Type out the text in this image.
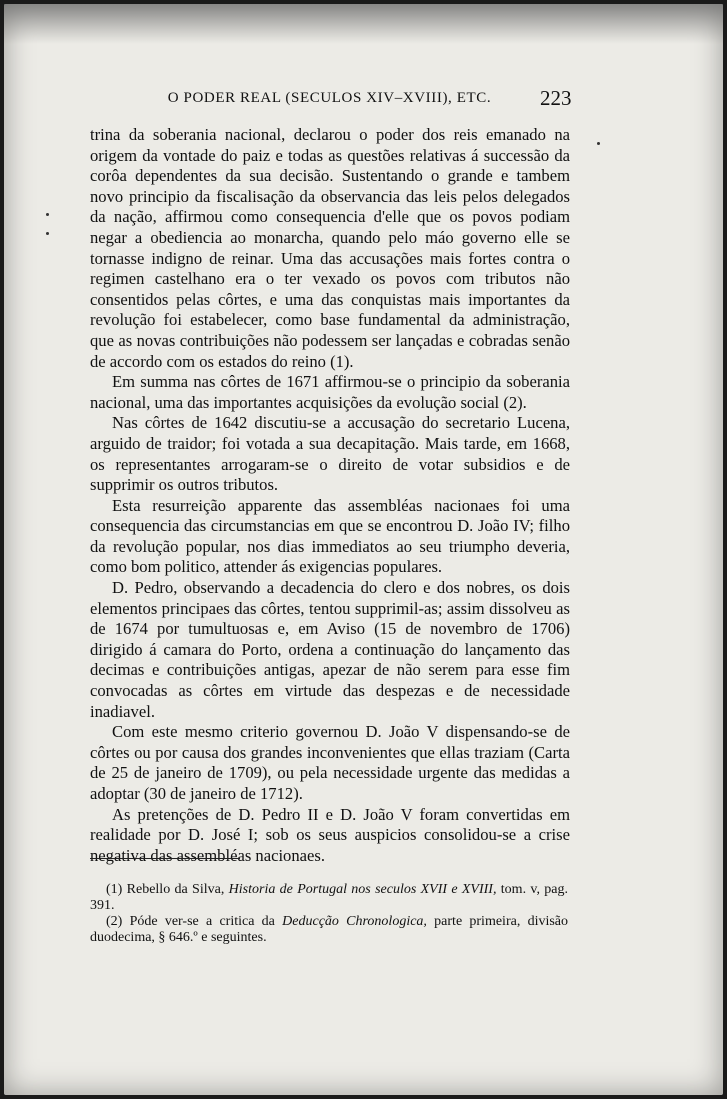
O PODER REAL (SECULOS XIV–XVIII), ETC.	223

trina da soberania nacional, declarou o poder dos reis emanado na origem da vontade do paiz e todas as questões relativas á successão da corôa dependentes da sua decisão. Sustentando o grande e tambem novo principio da fiscalisação da observancia das leis pelos delegados da nação, affirmou como consequencia d'elle que os povos podiam negar a obediencia ao monarcha, quando pelo máo governo elle se tornasse indigno de reinar. Uma das accusações mais fortes contra o regimen castelhano era o ter vexado os povos com tributos não consentidos pelas côrtes, e uma das conquistas mais importantes da revolução foi estabelecer, como base fundamental da administração, que as novas contribuições não podessem ser lançadas e cobradas senão de accordo com os estados do reino (1).

Em summa nas côrtes de 1671 affirmou-se o principio da soberania nacional, uma das importantes acquisições da evolução social (2).

Nas côrtes de 1642 discutiu-se a accusação do secretario Lucena, arguido de traidor; foi votada a sua decapitação. Mais tarde, em 1668, os representantes arrogaram-se o direito de votar subsidios e de supprimir os outros tributos.

Esta resurreição apparente das assembléas nacionaes foi uma consequencia das circumstancias em que se encontrou D. João IV; filho da revolução popular, nos dias immediatos ao seu triumpho deveria, como bom politico, attender ás exigencias populares.

D. Pedro, observando a decadencia do clero e dos nobres, os dois elementos principaes das côrtes, tentou supprimil-as; assim dissolveu as de 1674 por tumultuosas e, em Aviso (15 de novembro de 1706) dirigido á camara do Porto, ordena a continuação do lançamento das decimas e contribuições antigas, apezar de não serem para esse fim convocadas as côrtes em virtude das despezas e de necessidade inadiavel.

Com este mesmo criterio governou D. João V dispensando-se de côrtes ou por causa dos grandes inconvenientes que ellas traziam (Carta de 25 de janeiro de 1709), ou pela necessidade urgente das medidas a adoptar (30 de janeiro de 1712).

As pretenções de D. Pedro II e D. João V foram convertidas em realidade por D. José I; sob os seus auspicios consolidou-se a crise negativa das assembléas nacionaes.

(1) Rebello da Silva, Historia de Portugal nos seculos XVII e XVIII, tom. v, pag. 391.

(2) Póde ver-se a critica da Deducção Chronologica, parte primeira, divisão duodecima, § 646.º e seguintes.
